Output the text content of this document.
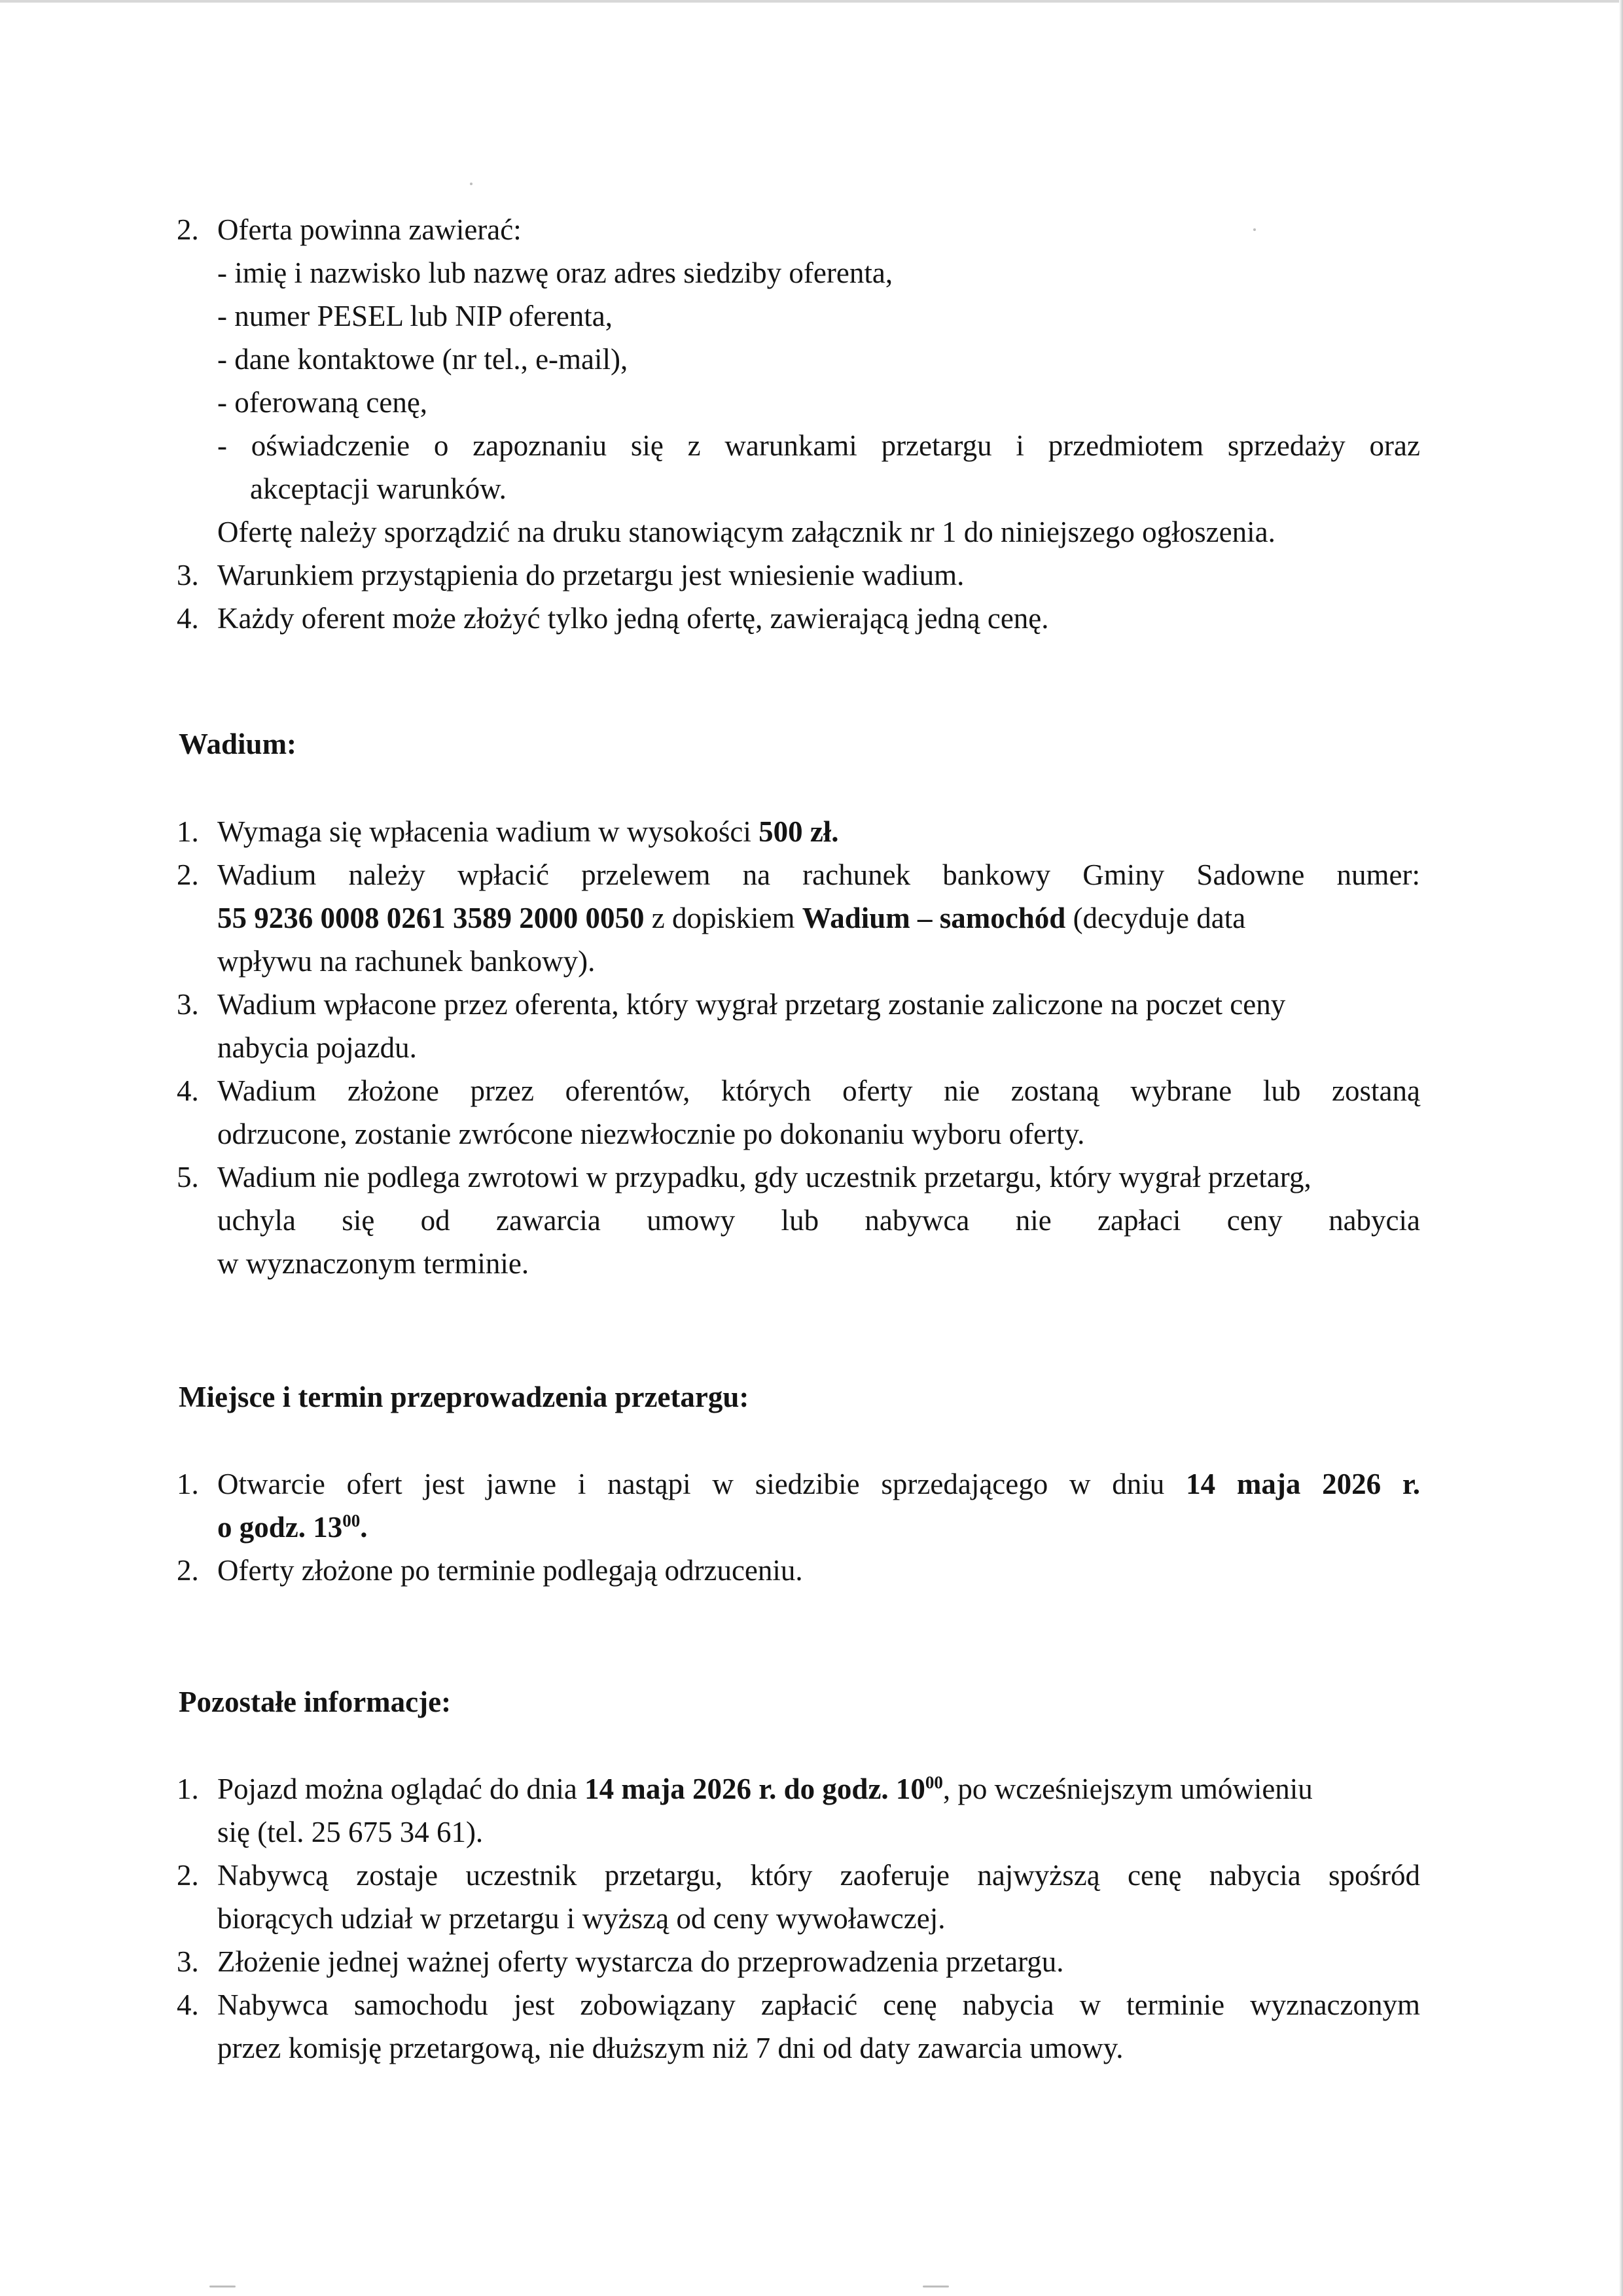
2. Oferta powinna zawierać:
- imię i nazwisko lub nazwę oraz adres siedziby oferenta,
- numer PESEL lub NIP oferenta,
- dane kontaktowe (nr tel., e-mail),
- oferowaną cenę,
- oświadczenie o zapoznaniu się z warunkami przetargu i przedmiotem sprzedaży oraz
akceptacji warunków.
Ofertę należy sporządzić na druku stanowiącym załącznik nr 1 do niniejszego ogłoszenia.
3. Warunkiem przystąpienia do przetargu jest wniesienie wadium.
4. Każdy oferent może złożyć tylko jedną ofertę, zawierającą jedną cenę.
Wadium:
1. Wymaga się wpłacenia wadium w wysokości 500 zł.
2. Wadium należy wpłacić przelewem na rachunek bankowy Gminy Sadowne numer:
55 9236 0008 0261 3589 2000 0050 z dopiskiem Wadium – samochód (decyduje data
wpływu na rachunek bankowy).
3. Wadium wpłacone przez oferenta, który wygrał przetarg zostanie zaliczone na poczet ceny
nabycia pojazdu.
4. Wadium złożone przez oferentów, których oferty nie zostaną wybrane lub zostaną
odrzucone, zostanie zwrócone niezwłocznie po dokonaniu wyboru oferty.
5. Wadium nie podlega zwrotowi w przypadku, gdy uczestnik przetargu, który wygrał przetarg,
uchyla się od zawarcia umowy lub nabywca nie zapłaci ceny nabycia
w wyznaczonym terminie.
Miejsce i termin przeprowadzenia przetargu:
1. Otwarcie ofert jest jawne i nastąpi w siedzibie sprzedającego w dniu 14 maja 2026 r.
o godz. $13^{00}$.
2. Oferty złożone po terminie podlegają odrzuceniu.
Pozostałe informacje:
1. Pojazd można oglądać do dnia 14 maja 2026 r. do godz. $10^{00}$, po wcześniejszym umówieniu
się (tel. 25 675 34 61).
2. Nabywcą zostaje uczestnik przetargu, który zaoferuje najwyższą cenę nabycia spośród
biorących udział w przetargu i wyższą od ceny wywoławczej.
3. Złożenie jednej ważnej oferty wystarcza do przeprowadzenia przetargu.
4. Nabywca samochodu jest zobowiązany zapłacić cenę nabycia w terminie wyznaczonym
przez komisję przetargową, nie dłuższym niż 7 dni od daty zawarcia umowy.
